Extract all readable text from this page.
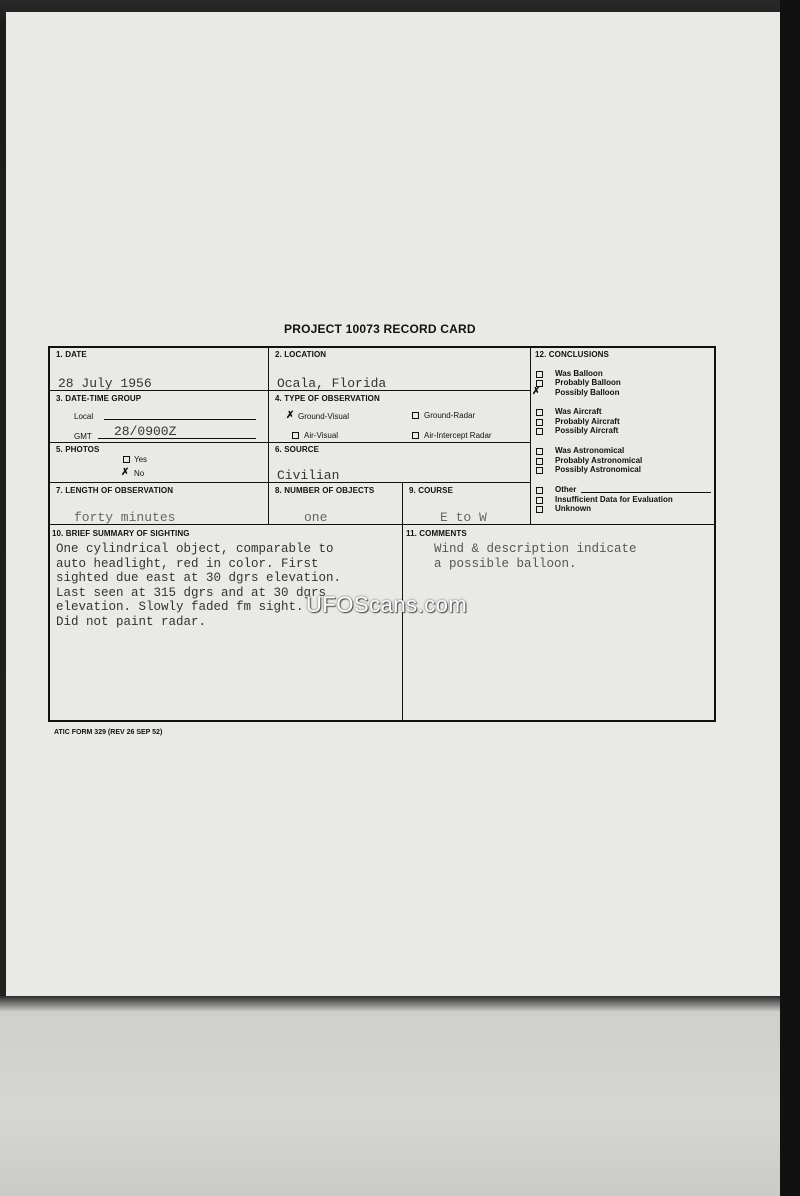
PROJECT 10073 RECORD CARD
1. DATE
28 July 1956
2. LOCATION
Ocala, Florida
3. DATE-TIME GROUP
Local
GMT 28/0900Z
4. TYPE OF OBSERVATION
✗ Ground-Visual	Ground-Radar
Air-Visual	Air-Intercept Radar
5. PHOTOS
Yes
✗ No
6. SOURCE
Civilian
7. LENGTH OF OBSERVATION
forty minutes
8. NUMBER OF OBJECTS
one
9. COURSE
E to W
10. BRIEF SUMMARY OF SIGHTING
One cylindrical object, comparable to
auto headlight, red in color. First
sighted due east at 30 dgrs elevation.
Last seen at 315 dgrs and at 30 dgrs
elevation. Slowly faded fm sight.
Did not paint radar.
11. COMMENTS
Wind & description indicate
a possible balloon.
12. CONCLUSIONS
Was Balloon
Probably Balloon
✗ Possibly Balloon
Was Aircraft
Probably Aircraft
Possibly Aircraft
Was Astronomical
Probably Astronomical
Possibly Astronomical
Other
Insufficient Data for Evaluation
Unknown
ATIC FORM 329 (REV 26 SEP 52)
UFOScans.com
